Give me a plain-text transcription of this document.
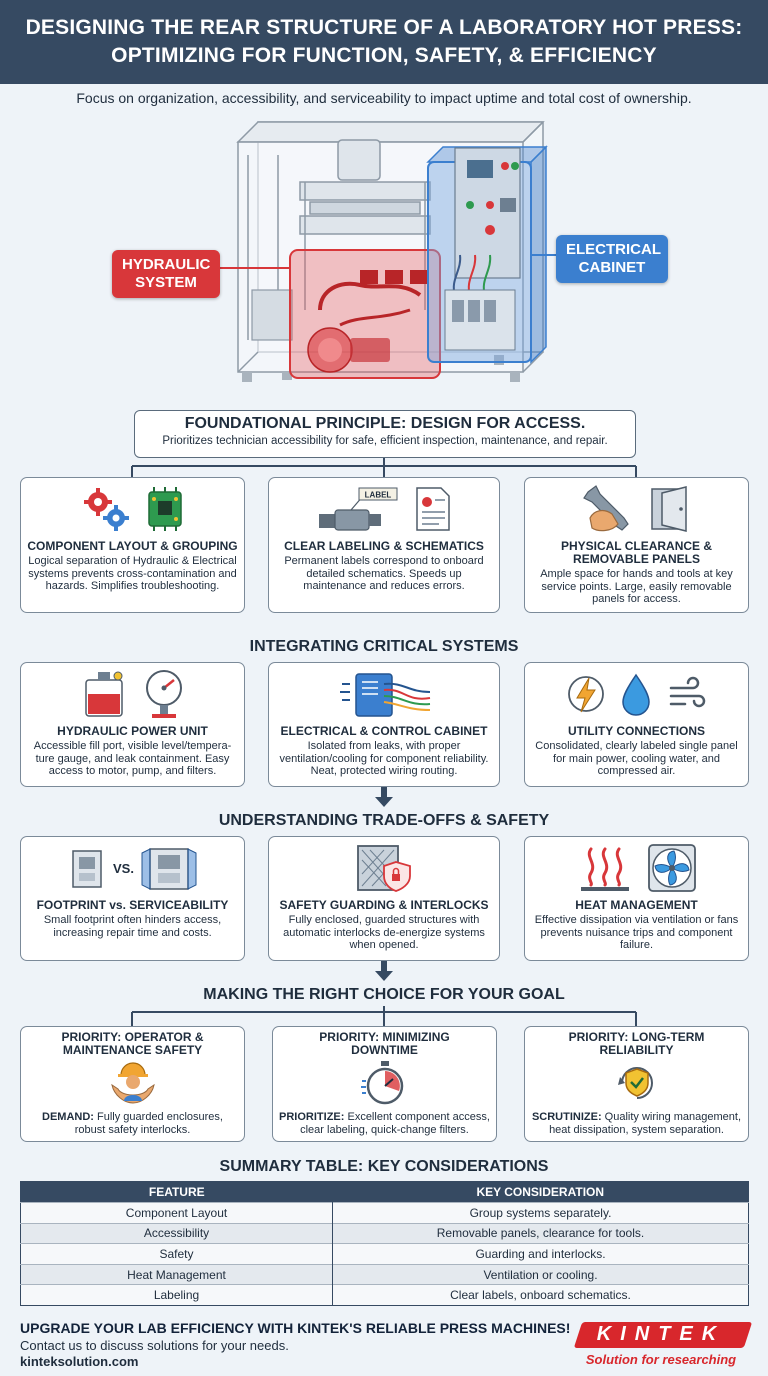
DESIGNING THE REAR STRUCTURE OF A LABORATORY HOT PRESS:
OPTIMIZING FOR FUNCTION, SAFETY, & EFFICIENCY
Focus on organization, accessibility, and serviceability to impact uptime and total cost of ownership.
HYDRAULIC
SYSTEM
ELECTRICAL
CABINET
FOUNDATIONAL PRINCIPLE: DESIGN FOR ACCESS.
Prioritizes technician accessibility for safe, efficient inspection, maintenance, and repair.
COMPONENT LAYOUT & GROUPING
Logical separation of Hydraulic & Electrical systems prevents cross-contamination and hazards. Simplifies troubleshooting.
LABEL
CLEAR LABELING & SCHEMATICS
Permanent labels correspond to onboard detailed schematics. Speeds up maintenance and reduces errors.
PHYSICAL CLEARANCE &
REMOVABLE PANELS
Ample space for hands and tools at key service points. Large, easily removable panels for access.
INTEGRATING CRITICAL SYSTEMS
HYDRAULIC POWER UNIT
Accessible fill port, visible level/tempera-ture gauge, and leak containment. Easy access to motor, pump, and filters.
ELECTRICAL & CONTROL CABINET
Isolated from leaks, with proper ventilation/cooling for component reliability. Neat, protected wiring routing.
UTILITY CONNECTIONS
Consolidated, clearly labeled single panel for main power, cooling water, and compressed air.
UNDERSTANDING TRADE-OFFS & SAFETY
VS.
FOOTPRINT vs. SERVICEABILITY
Small footprint often hinders access, increasing repair time and costs.
SAFETY GUARDING & INTERLOCKS
Fully enclosed, guarded structures with automatic interlocks de-energize systems when opened.
HEAT MANAGEMENT
Effective dissipation via ventilation or fans prevents nuisance trips and component failure.
MAKING THE RIGHT CHOICE FOR YOUR GOAL
PRIORITY: OPERATOR &
MAINTENANCE SAFETY
DEMAND: Fully guarded enclosures, robust safety interlocks.
PRIORITY: MINIMIZING
DOWNTIME
PRIORITIZE: Excellent component access, clear labeling, quick-change filters.
PRIORITY: LONG-TERM
RELIABILITY
SCRUTINIZE: Quality wiring management, heat dissipation, system separation.
SUMMARY TABLE: KEY CONSIDERATIONS
FEATURE	KEY CONSIDERATION
Component Layout	Group systems separately.
Accessibility	Removable panels, clearance for tools.
Safety	Guarding and interlocks.
Heat Management	Ventilation or cooling.
Labeling	Clear labels, onboard schematics.
UPGRADE YOUR LAB EFFICIENCY WITH KINTEK'S RELIABLE PRESS MACHINES!
Contact us to discuss solutions for your needs.
kinteksolution.com
KINTEK
Solution for researching
